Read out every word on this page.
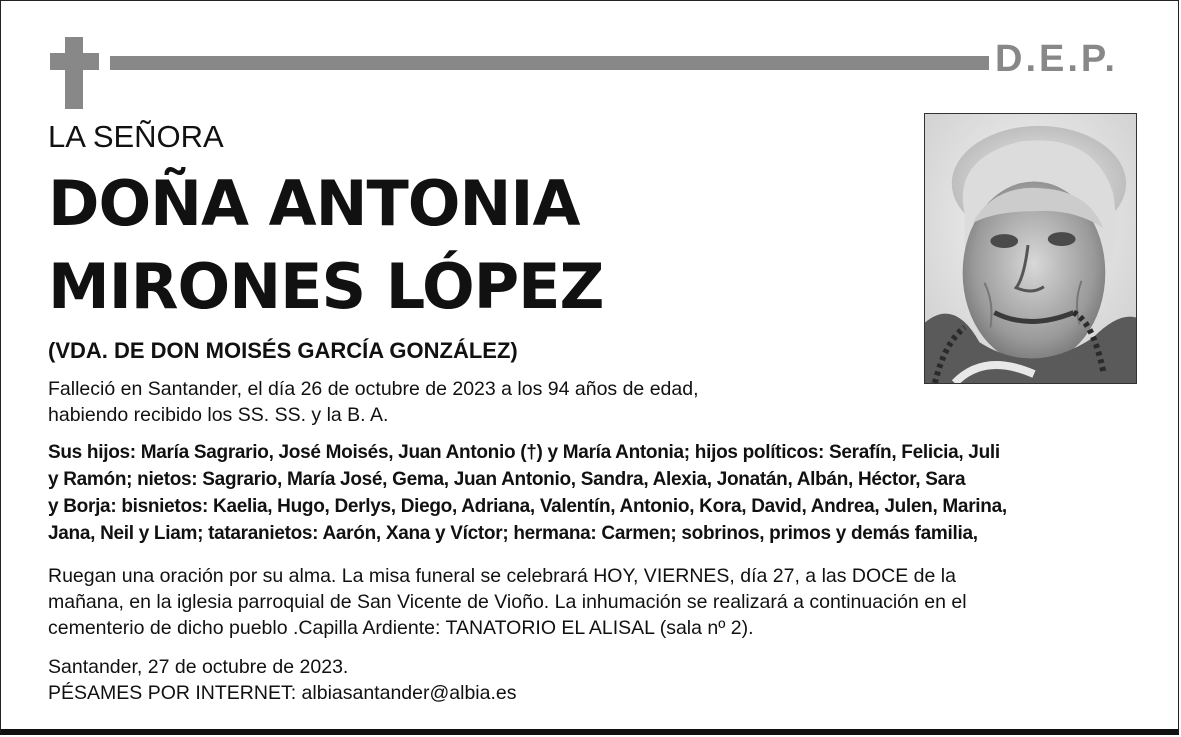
D.E.P.
LA SEÑORA
DOÑA ANTONIA
MIRONES LÓPEZ
(VDA. DE DON MOISÉS GARCÍA GONZÁLEZ)
Falleció en Santander, el día 26 de octubre de 2023 a los 94 años de edad,
habiendo recibido los SS. SS. y la B. A.
Sus hijos: María Sagrario, José Moisés, Juan Antonio (†) y María Antonia; hijos políticos: Serafín, Felicia, Juli
y Ramón; nietos: Sagrario, María José, Gema, Juan Antonio, Sandra, Alexia, Jonatán, Albán, Héctor, Sara
y Borja: bisnietos: Kaelia, Hugo, Derlys, Diego, Adriana, Valentín, Antonio, Kora, David, Andrea, Julen, Marina,
Jana, Neil y Liam; tataranietos: Aarón, Xana y Víctor; hermana: Carmen; sobrinos, primos y demás familia,
Ruegan una oración por su alma. La misa funeral se celebrará HOY, VIERNES, día 27, a las DOCE de la
mañana, en la iglesia parroquial de San Vicente de Vioño. La inhumación se realizará a continuación en el
cementerio de dicho pueblo .Capilla Ardiente: TANATORIO EL ALISAL (sala nº 2).
Santander, 27 de octubre de 2023.
PÉSAMES POR INTERNET: albiasantander@albia.es
